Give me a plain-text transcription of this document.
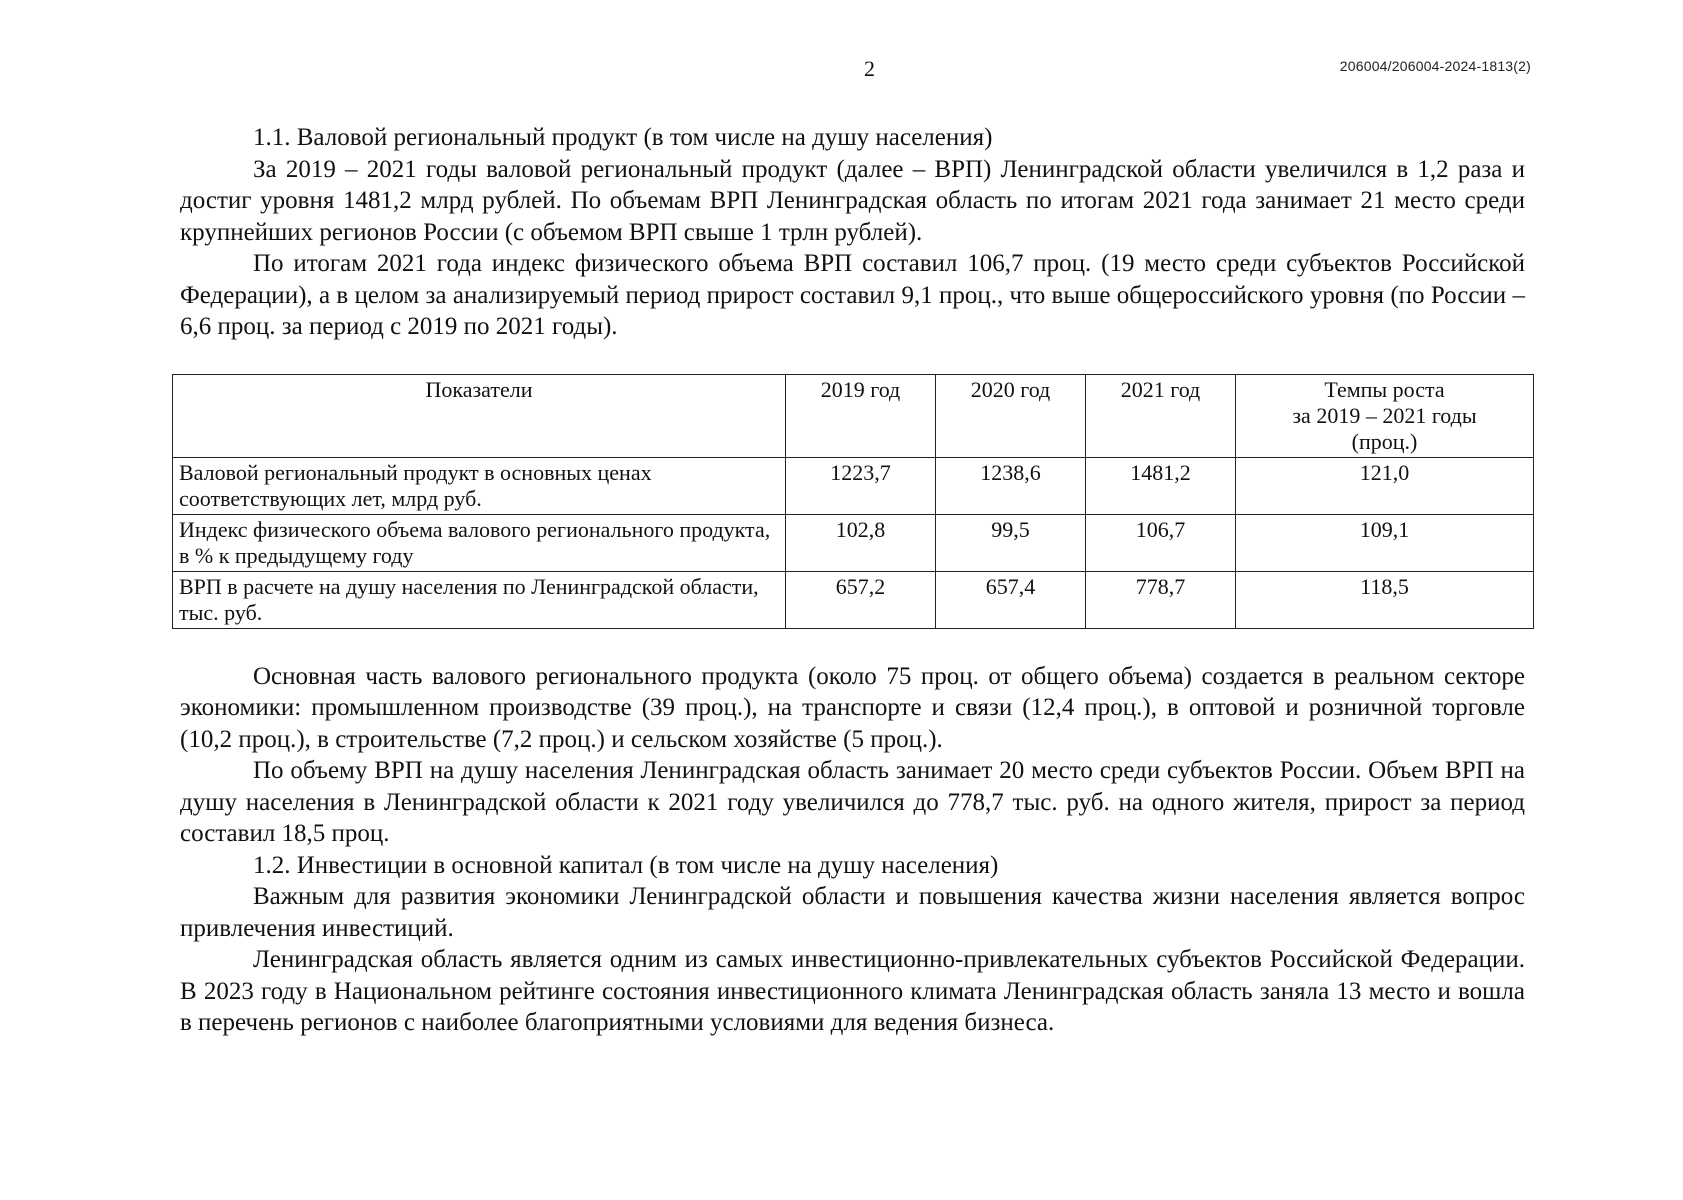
2	206004/206004-2024-1813(2)

1.1. Валовой региональный продукт (в том числе на душу населения)

За 2019 – 2021 годы валовой региональный продукт (далее – ВРП) Ленинградской области увеличился в 1,2 раза и достиг уровня 1481,2 млрд рублей. По объемам ВРП Ленинградская область по итогам 2021 года занимает 21 место среди крупнейших регионов России (с объемом ВРП свыше 1 трлн рублей).

По итогам 2021 года индекс физического объема ВРП составил 106,7 проц. (19 место среди субъектов Российской Федерации), а в целом за анализируемый период прирост составил 9,1 проц., что выше общероссийского уровня (по России – 6,6 проц. за период с 2019 по 2021 годы).

Показатели	2019 год	2020 год	2021 год	Темпы роста
за 2019 – 2021 годы
(проц.)

Валовой региональный продукт в основных ценах соответствующих лет, млрд руб.	1223,7	1238,6	1481,2	121,0
Индекс физического объема валового регионального продукта, в % к предыдущему году	102,8	99,5	106,7	109,1
ВРП в расчете на душу населения по Ленинградской области, тыс. руб.	657,2	657,4	778,7	118,5

Основная часть валового регионального продукта (около 75 проц. от общего объема) создается в реальном секторе экономики: промышленном производстве (39 проц.), на транспорте и связи (12,4 проц.), в оптовой и розничной торговле (10,2 проц.), в строительстве (7,2 проц.) и сельском хозяйстве (5 проц.).

По объему ВРП на душу населения Ленинградская область занимает 20 место среди субъектов России. Объем ВРП на душу населения в Ленинградской области к 2021 году увеличился до 778,7 тыс. руб. на одного жителя, прирост за период составил 18,5 проц.

1.2. Инвестиции в основной капитал (в том числе на душу населения)

Важным для развития экономики Ленинградской области и повышения качества жизни населения является вопрос привлечения инвестиций.

Ленинградская область является одним из самых инвестиционно-привлекательных субъектов Российской Федерации. В 2023 году в Национальном рейтинге состояния инвестиционного климата Ленинградская область заняла 13 место и вошла в перечень регионов с наиболее благоприятными условиями для ведения бизнеса.
